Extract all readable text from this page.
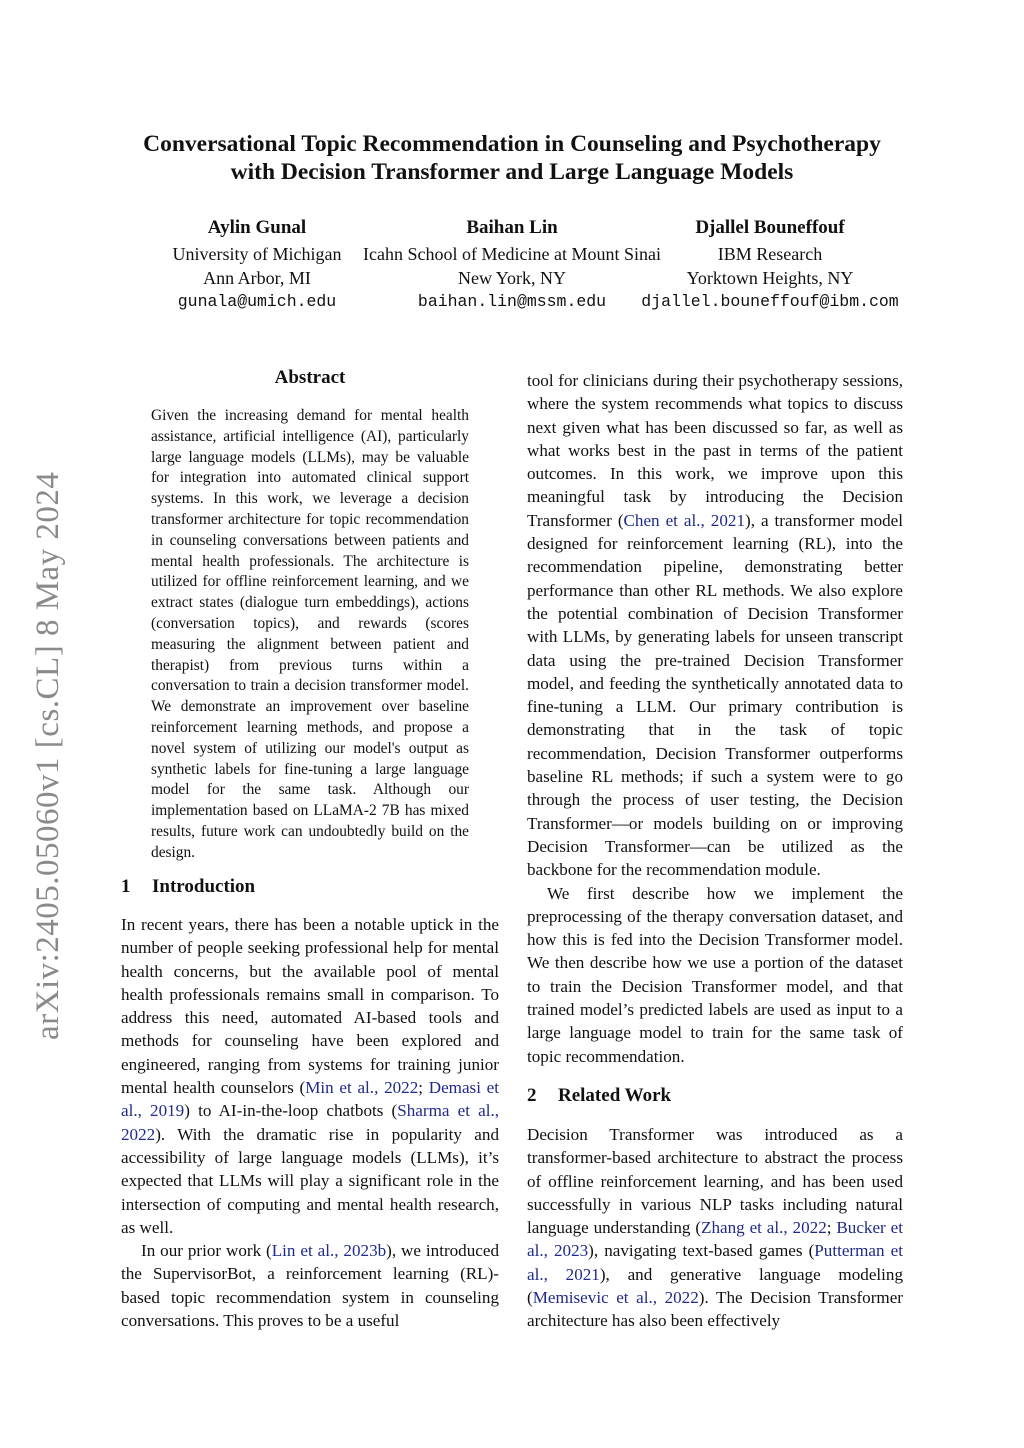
Conversational Topic Recommendation in Counseling and Psychotherapy
with Decision Transformer and Large Language Models
Aylin Gunal
University of Michigan
Ann Arbor, MI
gunala@umich.edu
Baihan Lin
Icahn School of Medicine at Mount Sinai
New York, NY
baihan.lin@mssm.edu
Djallel Bouneffouf
IBM Research
Yorktown Heights, NY
djallel.bouneffouf@ibm.com
arXiv:2405.05060v1 [cs.CL] 8 May 2024
Abstract
Given the increasing demand for mental health assistance, artificial intelligence (AI), particularly large language models (LLMs), may be valuable for integration into automated clinical support systems. In this work, we leverage a decision transformer architecture for topic recommendation in counseling conversations between patients and mental health professionals. The architecture is utilized for offline reinforcement learning, and we extract states (dialogue turn embeddings), actions (conversation topics), and rewards (scores measuring the alignment between patient and therapist) from previous turns within a conversation to train a decision transformer model. We demonstrate an improvement over baseline reinforcement learning methods, and propose a novel system of utilizing our model's output as synthetic labels for fine-tuning a large language model for the same task. Although our implementation based on LLaMA-2 7B has mixed results, future work can undoubtedly build on the design.
1 Introduction

In recent years, there has been a notable uptick in the number of people seeking professional help for mental health concerns, but the available pool of mental health professionals remains small in comparison. To address this need, automated AI-based tools and methods for counseling have been explored and engineered, ranging from systems for training junior mental health counselors (Min et al., 2022; Demasi et al., 2019) to AI-in-the-loop chatbots (Sharma et al., 2022). With the dramatic rise in popularity and accessibility of large language models (LLMs), it’s expected that LLMs will play a significant role in the intersection of computing and mental health research, as well.

In our prior work (Lin et al., 2023b), we introduced the SupervisorBot, a reinforcement learning (RL)-based topic recommendation system in counseling conversations. This proves to be a useful

tool for clinicians during their psychotherapy sessions, where the system recommends what topics to discuss next given what has been discussed so far, as well as what works best in the past in terms of the patient outcomes. In this work, we improve upon this meaningful task by introducing the Decision Transformer (Chen et al., 2021), a transformer model designed for reinforcement learning (RL), into the recommendation pipeline, demonstrating better performance than other RL methods. We also explore the potential combination of Decision Transformer with LLMs, by generating labels for unseen transcript data using the pre-trained Decision Transformer model, and feeding the synthetically annotated data to fine-tuning a LLM. Our primary contribution is demonstrating that in the task of topic recommendation, Decision Transformer outperforms baseline RL methods; if such a system were to go through the process of user testing, the Decision Transformer—or models building on or improving Decision Transformer—can be utilized as the backbone for the recommendation module.

We first describe how we implement the preprocessing of the therapy conversation dataset, and how this is fed into the Decision Transformer model. We then describe how we use a portion of the dataset to train the Decision Transformer model, and that trained model’s predicted labels are used as input to a large language model to train for the same task of topic recommendation.

2 Related Work

Decision Transformer was introduced as a transformer-based architecture to abstract the process of offline reinforcement learning, and has been used successfully in various NLP tasks including natural language understanding (Zhang et al., 2022; Bucker et al., 2023), navigating text-based games (Putterman et al., 2021), and generative language modeling (Memisevic et al., 2022). The Decision Transformer architecture has also been effectively
